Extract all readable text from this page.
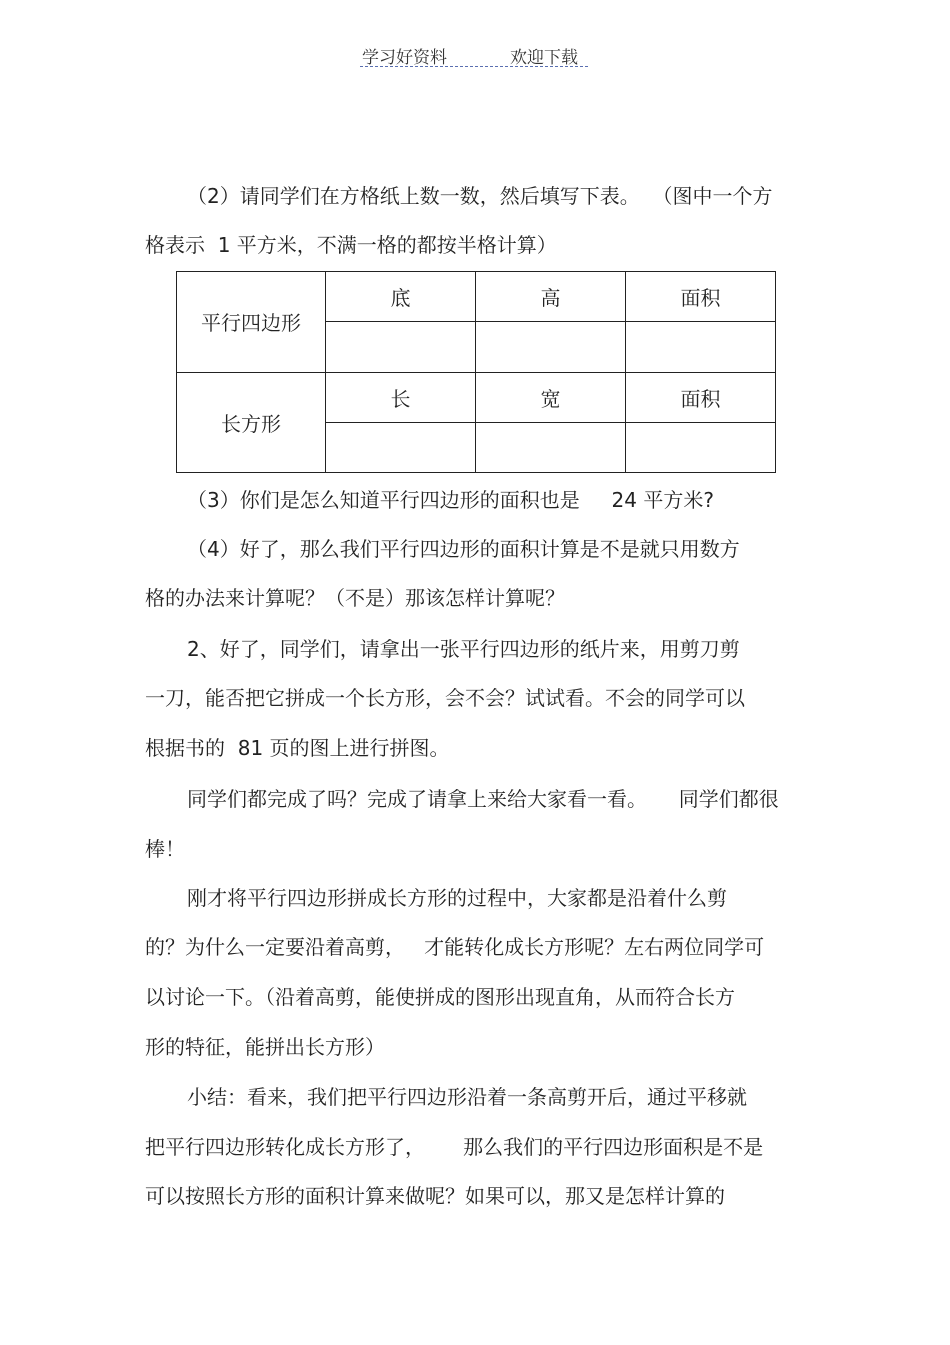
学习好资料	欢迎下载
（2）请同学们在方格纸上数一数，然后填写下表。  （图中一个方
格表示  1 平方米，不满一格的都按半格计算）
平行四边形	底	高	面积

长方形	长	宽	面积

（3）你们是怎么知道平行四边形的面积也是     24 平方米?
（4）好了，那么我们平行四边形的面积计算是不是就只用数方
格的办法来计算呢？（不是）那该怎样计算呢？
2、好了，同学们，请拿出一张平行四边形的纸片来，用剪刀剪
一刀，能否把它拼成一个长方形，会不会？试试看。不会的同学可以
根据书的  81 页的图上进行拼图。
同学们都完成了吗？完成了请拿上来给大家看一看。     同学们都很
棒！
刚才将平行四边形拼成长方形的过程中，大家都是沿着什么剪
的？为什么一定要沿着高剪，   才能转化成长方形呢？左右两位同学可
以讨论一下。（沿着高剪，能使拼成的图形出现直角，从而符合长方
形的特征，能拼出长方形）
小结：看来，我们把平行四边形沿着一条高剪开后，通过平移就
把平行四边形转化成长方形了，      那么我们的平行四边形面积是不是
可以按照长方形的面积计算来做呢？如果可以，那又是怎样计算的
